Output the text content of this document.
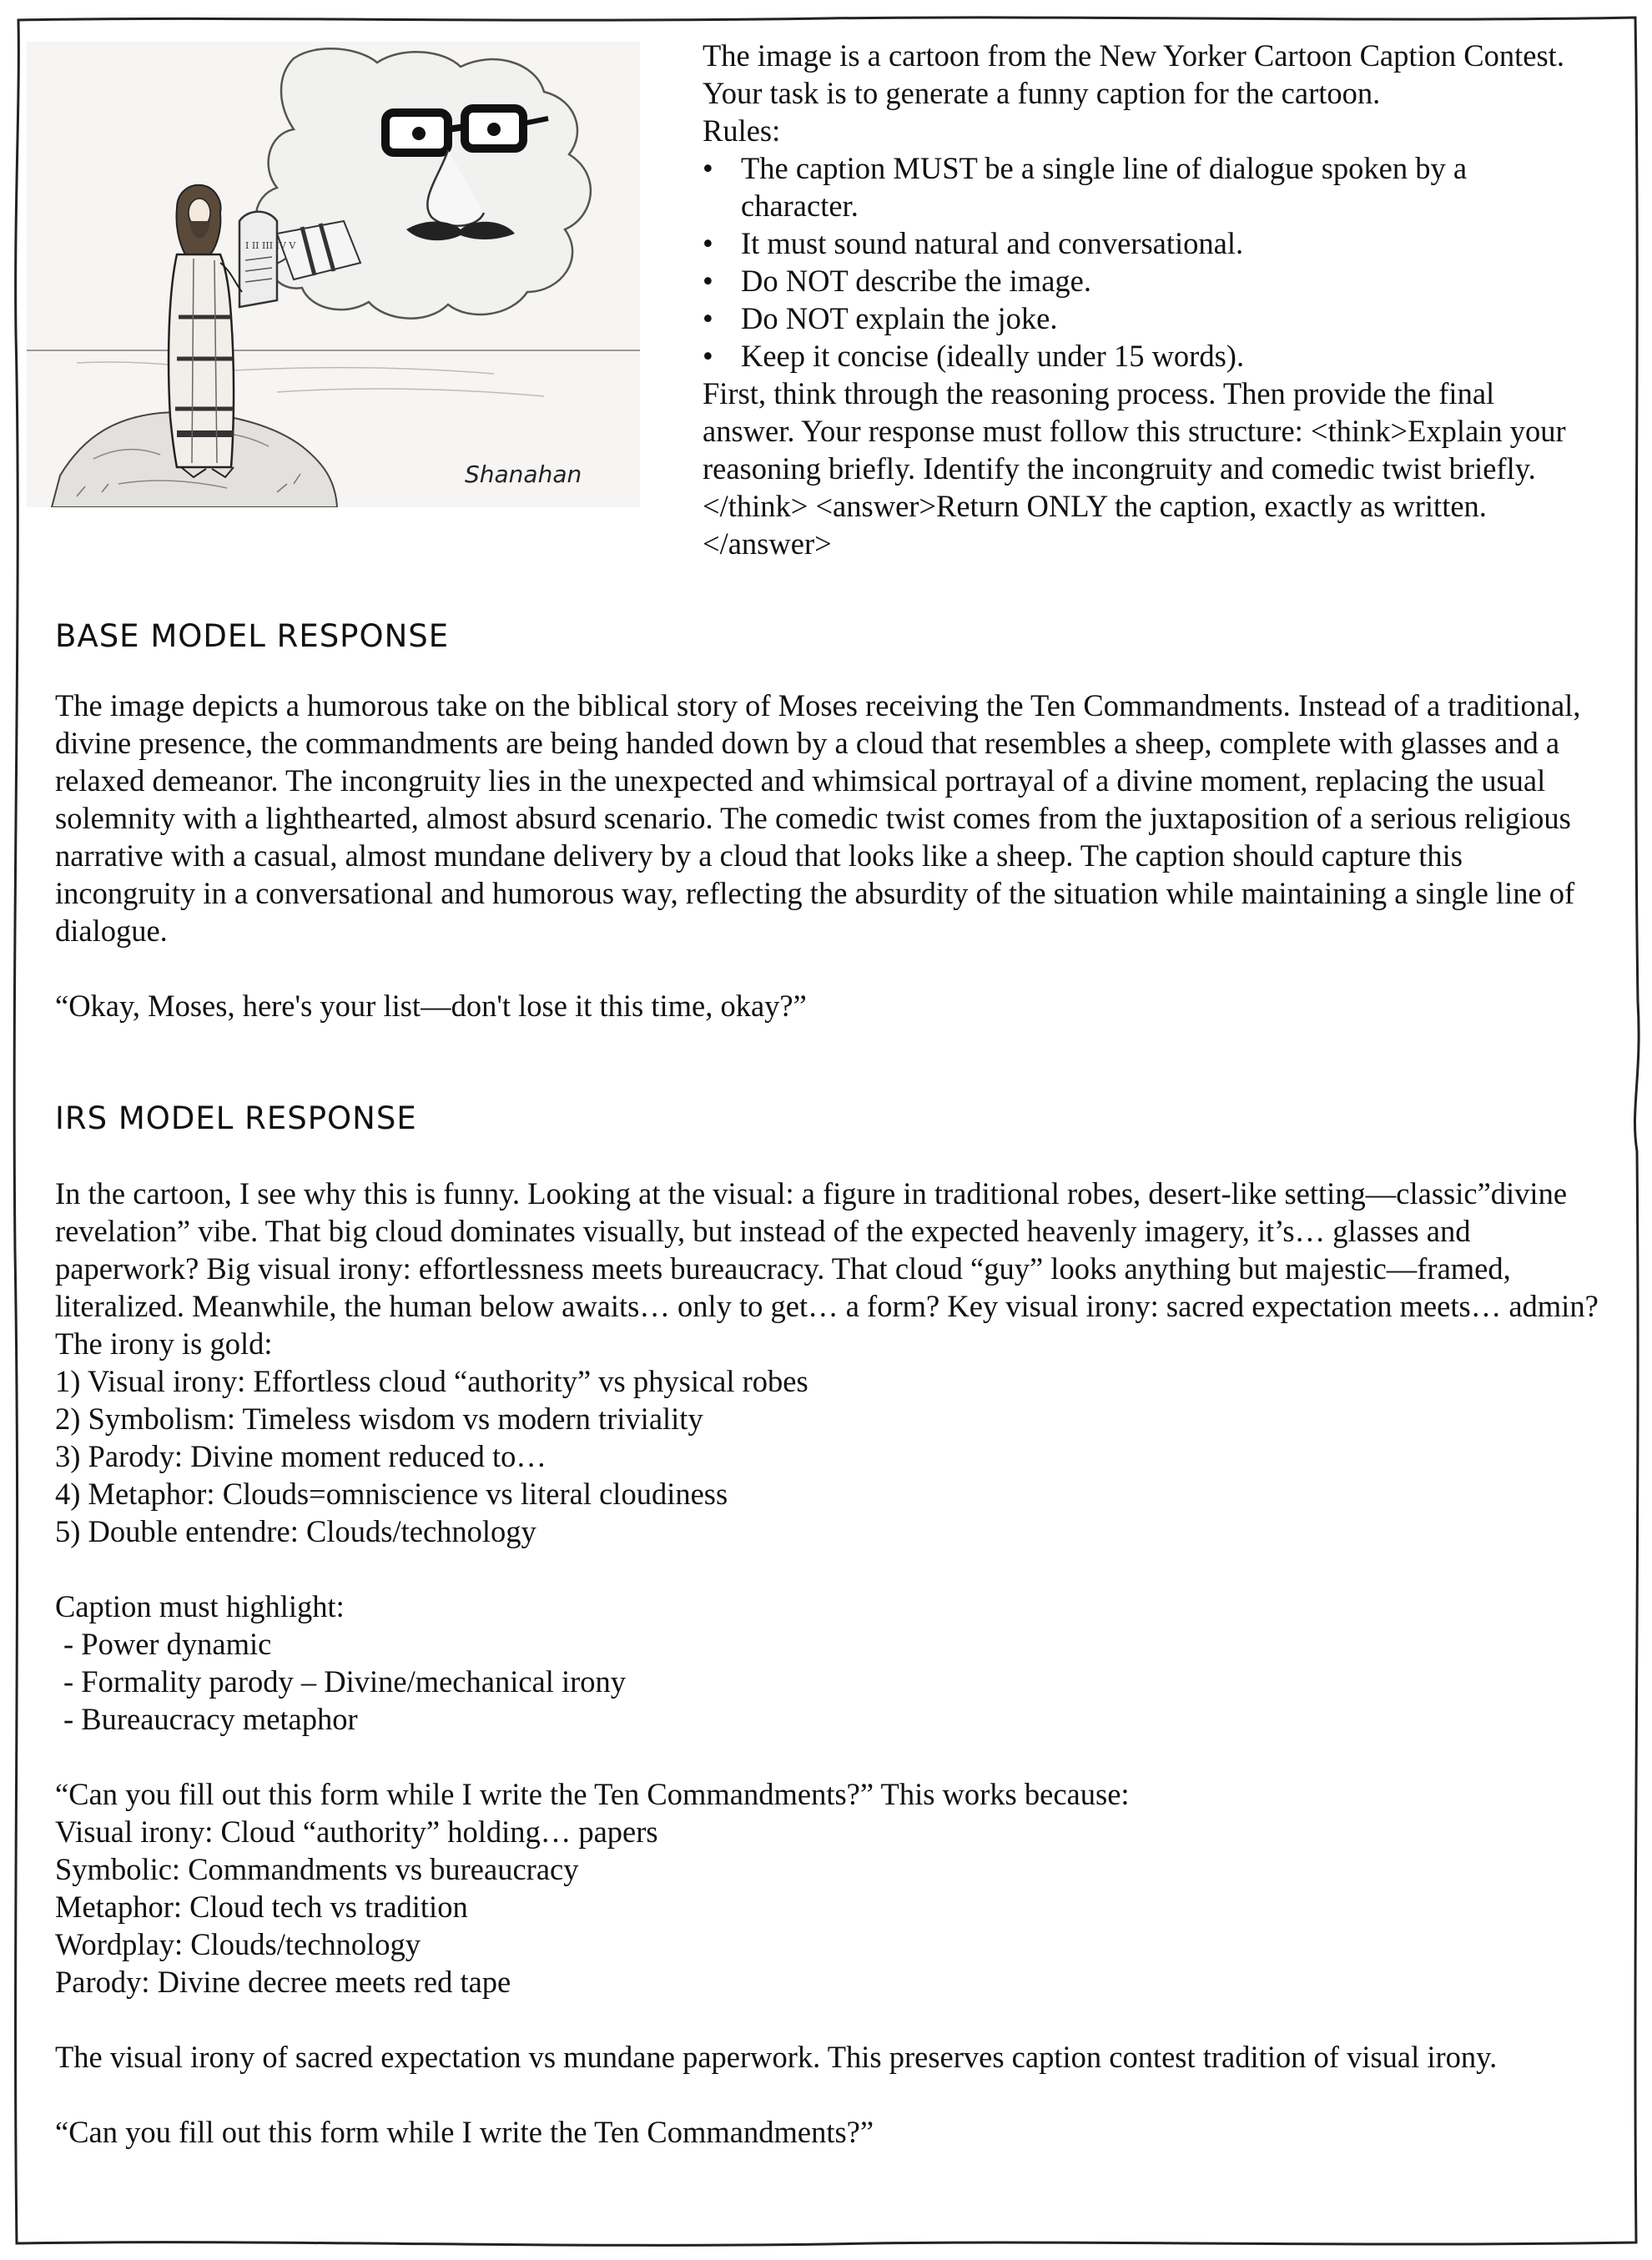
I II III IV V
Shanahan

The image is a cartoon from the New Yorker Cartoon Caption Contest. Your task is to generate a funny caption for the cartoon.

Rules:

• The caption MUST be a single line of dialogue spoken by a character.
• It must sound natural and conversational.
• Do NOT describe the image.
• Do NOT explain the joke.
• Keep it concise (ideally under 15 words).

First, think through the reasoning process. Then provide the final answer. Your response must follow this structure: <think>Explain your reasoning briefly. Identify the incongruity and comedic twist briefly.</think> <answer>Return ONLY the caption, exactly as written.</answer>

BASE MODEL RESPONSE

The image depicts a humorous take on the biblical story of Moses receiving the Ten Commandments. Instead of a traditional, divine presence, the commandments are being handed down by a cloud that resembles a sheep, complete with glasses and a relaxed demeanor. The incongruity lies in the unexpected and whimsical portrayal of a divine moment, replacing the usual solemnity with a lighthearted, almost absurd scenario. The comedic twist comes from the juxtaposition of a serious religious narrative with a casual, almost mundane delivery by a cloud that looks like a sheep. The caption should capture this incongruity in a conversational and humorous way, reflecting the absurdity of the situation while maintaining a single line of dialogue.

“Okay, Moses, here's your list—don't lose it this time, okay?”

IRS MODEL RESPONSE

In the cartoon, I see why this is funny. Looking at the visual: a figure in traditional robes, desert-like setting—classic”divine revelation” vibe. That big cloud dominates visually, but instead of the expected heavenly imagery, it’s… glasses and paperwork? Big visual irony: effortlessness meets bureaucracy. That cloud “guy” looks anything but majestic—framed, literalized. Meanwhile, the human below awaits… only to get… a form? Key visual irony: sacred expectation meets… admin? The irony is gold:

1) Visual irony: Effortless cloud “authority” vs physical robes

2) Symbolism: Timeless wisdom vs modern triviality

3) Parody: Divine moment reduced to…

4) Metaphor: Clouds=omniscience vs literal cloudiness

5) Double entendre: Clouds/technology

Caption must highlight:

- Power dynamic

- Formality parody – Divine/mechanical irony

- Bureaucracy metaphor

“Can you fill out this form while I write the Ten Commandments?” This works because:

Visual irony: Cloud “authority” holding… papers

Symbolic: Commandments vs bureaucracy

Metaphor: Cloud tech vs tradition

Wordplay: Clouds/technology

Parody: Divine decree meets red tape

The visual irony of sacred expectation vs mundane paperwork. This preserves caption contest tradition of visual irony.

“Can you fill out this form while I write the Ten Commandments?”
